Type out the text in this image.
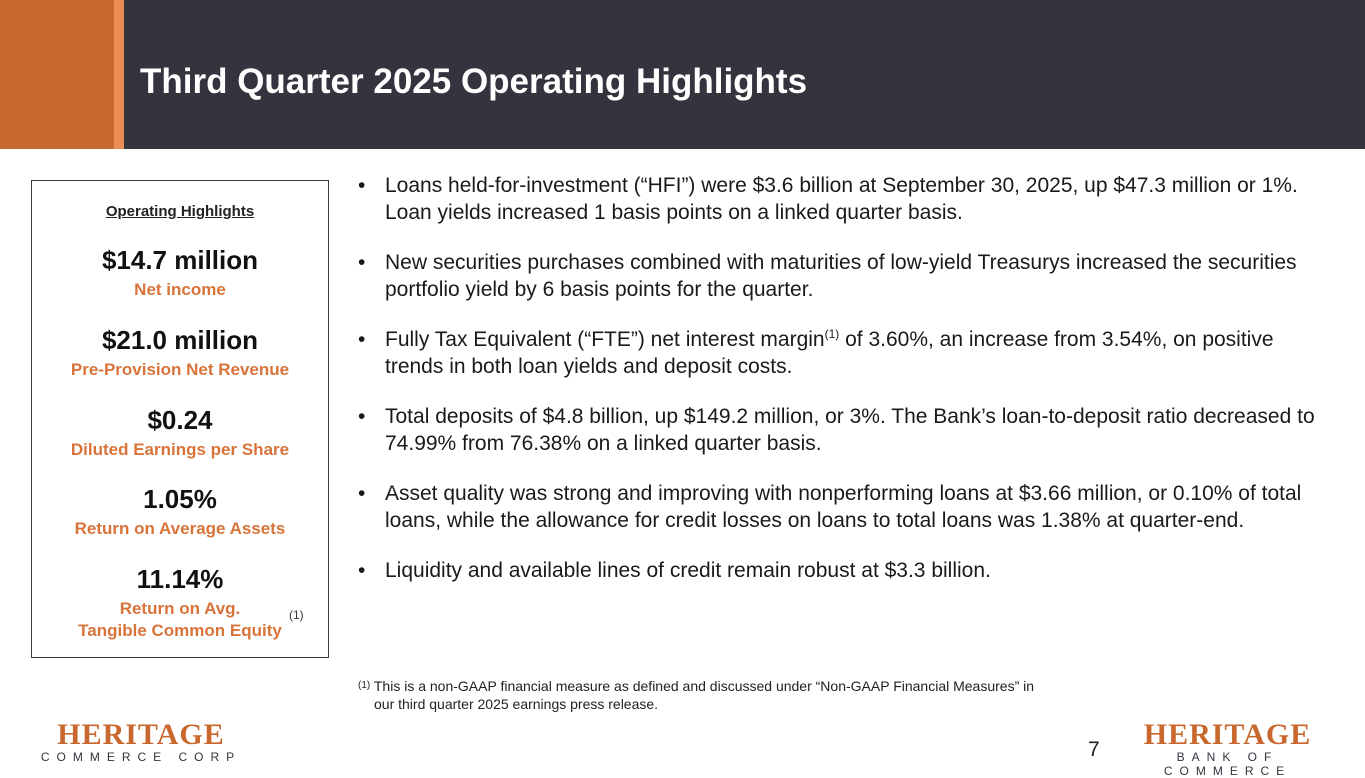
Third Quarter 2025 Operating Highlights
Operating Highlights
$14.7 million
Net income
$21.0 million
Pre-Provision Net Revenue
$0.24
Diluted Earnings per Share
1.05%
Return on Average Assets
11.14%
Return on Avg.
Tangible Common Equity
(1)
• Loans held-for-investment (“HFI”) were $3.6 billion at September 30, 2025, up $47.3 million or 1%. Loan yields increased 1 basis points on a linked quarter basis.
• New securities purchases combined with maturities of low-yield Treasurys increased the securities portfolio yield by 6 basis points for the quarter.
• Fully Tax Equivalent (“FTE”) net interest margin$^{(1)}$ of 3.60%, an increase from 3.54%, on positive trends in both loan yields and deposit costs.
• Total deposits of $4.8 billion, up $149.2 million, or 3%. The Bank’s loan-to-deposit ratio decreased to 74.99% from 76.38% on a linked quarter basis.
• Asset quality was strong and improving with nonperforming loans at $3.66 million, or 0.10% of total loans, while the allowance for credit losses on loans to total loans was 1.38% at quarter-end.
• Liquidity and available lines of credit remain robust at $3.3 billion.
$^{(1)}$ This is a non-GAAP financial measure as defined and discussed under “Non-GAAP Financial Measures” in
our third quarter 2025 earnings press release.
HERITAGE
COMMERCE CORP	7	HERITAGE
BANK OF COMMERCE
